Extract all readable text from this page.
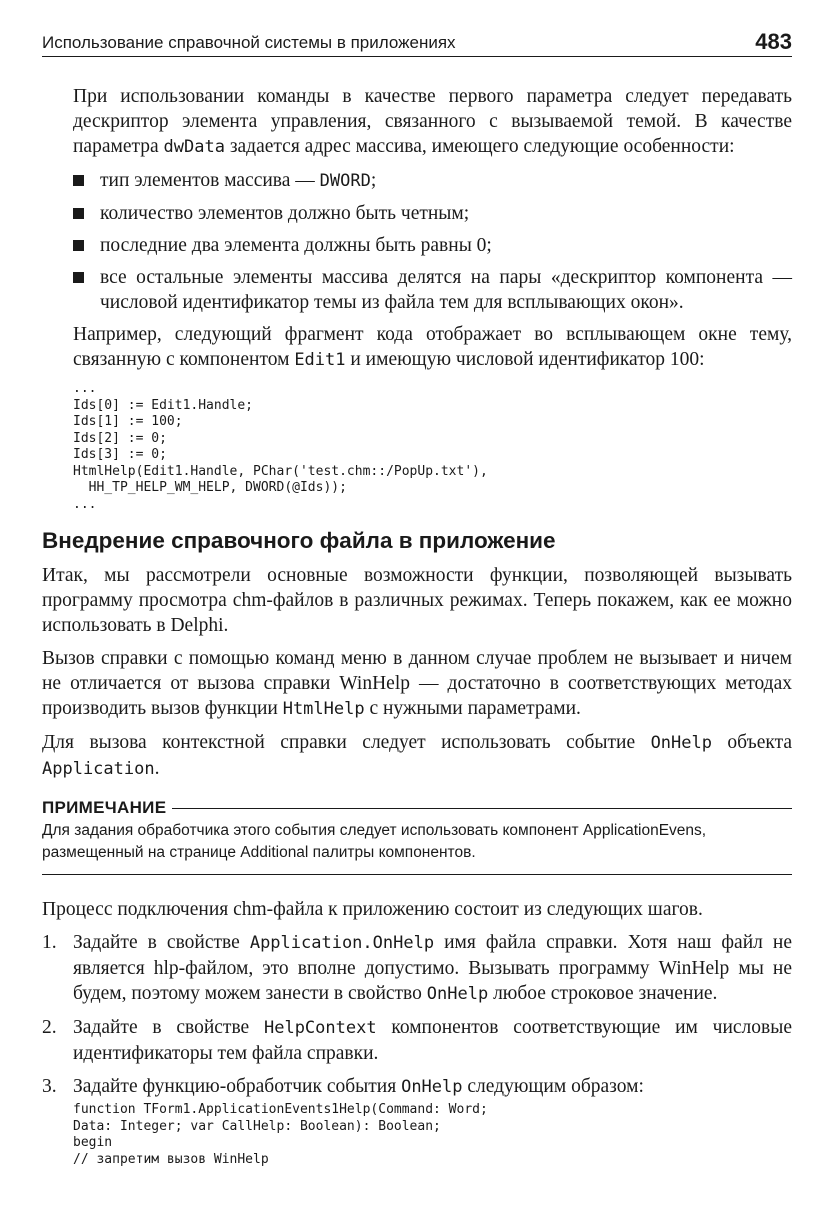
Использование справочной системы в приложениях	483

При использовании команды в качестве первого параметра следует передавать дескриптор элемента управления, связанного с вызываемой темой. В качестве параметра dwData задается адрес массива, имеющего следующие особенности:

тип элементов массива — DWORD;
количество элементов должно быть четным;
последние два элемента должны быть равны 0;
все остальные элементы массива делятся на пары «дескриптор компонента — числовой идентификатор темы из файла тем для всплывающих окон».

Например, следующий фрагмент кода отображает во всплывающем окне тему, связанную с компонентом Edit1 и имеющую числовой идентификатор 100:

...
Ids[0] := Edit1.Handle;
Ids[1] := 100;
Ids[2] := 0;
Ids[3] := 0;
HtmlHelp(Edit1.Handle, PChar('test.chm::/PopUp.txt'),
HH_TP_HELP_WM_HELP, DWORD(@Ids));
...
Внедрение справочного файла в приложение

Итак, мы рассмотрели основные возможности функции, позволяющей вызывать программу просмотра chm-файлов в различных режимах. Теперь покажем, как ее можно использовать в Delphi.

Вызов справки с помощью команд меню в данном случае проблем не вызывает и ничем не отличается от вызова справки WinHelp — достаточно в соответствующих методах производить вызов функции HtmlHelp с нужными параметрами.

Для вызова контекстной справки следует использовать событие OnHelp объекта Application.

ПРИМЕЧАНИЕ
Для задания обработчика этого события следует использовать компонент ApplicationEvens, размещенный на странице Additional палитры компонентов.

Процесс подключения chm-файла к приложению состоит из следующих шагов.

1. Задайте в свойстве Application.OnHelp имя файла справки. Хотя наш файл не является hlp-файлом, это вполне допустимо. Вызывать программу WinHelp мы не будем, поэтому можем занести в свойство OnHelp любое строковое значение.
2. Задайте в свойстве HelpContext компонентов соответствующие им числовые идентификаторы тем файла справки.
3. Задайте функцию-обработчик события OnHelp следующим образом:
function TForm1.ApplicationEvents1Help(Command: Word;
Data: Integer; var CallHelp: Boolean): Boolean;
begin
// запретим вызов WinHelp
